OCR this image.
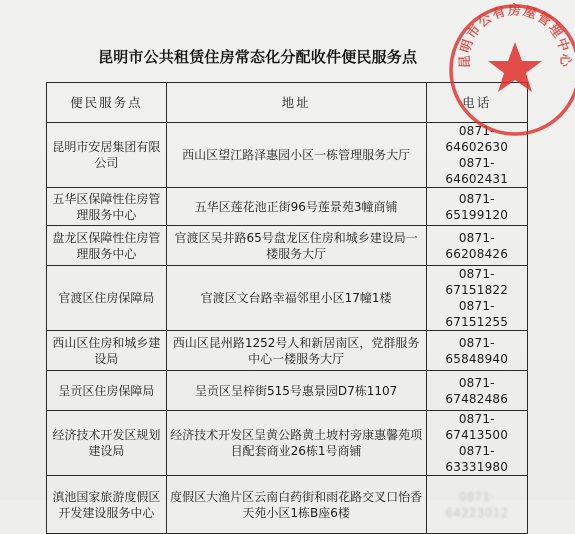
昆明市公共租赁住房常态化分配收件便民服务点
便民服务点	地址	电话
昆明市安居集团有限公司	西山区望江路泽惠园小区一栋管理服务大厅	0871-64602630
0871-64602431

五华区保障性住房管理服务中心	五华区莲花池正街96号莲景苑3幢商铺	0871-65199120

盘龙区保障性住房管理服务中心	官渡区吴井路65号盘龙区住房和城乡建设局一楼服务大厅	0871-66208426

官渡区住房保障局	官渡区文台路幸福邻里小区17幢1楼	0871-67151822
0871-67151255

西山区住房和城乡建设局	西山区昆州路1252号人和新居南区，党群服务中心一楼服务大厅	0871-65848940

呈贡区住房保障局	呈贡区呈梓街515号惠景园D7栋1107	0871-67482486

经济技术开发区规划建设局	经济技术开发区呈黄公路黄土坡村旁康惠馨苑项目配套商业26栋1号商铺	0871-67413500
0871-63331980

滇池国家旅游度假区开发建设服务中心	度假区大渔片区云南白药街和雨花路交叉口怡香天苑小区1栋B座6楼	0871-64223012
昆明市公有房屋管理中心
